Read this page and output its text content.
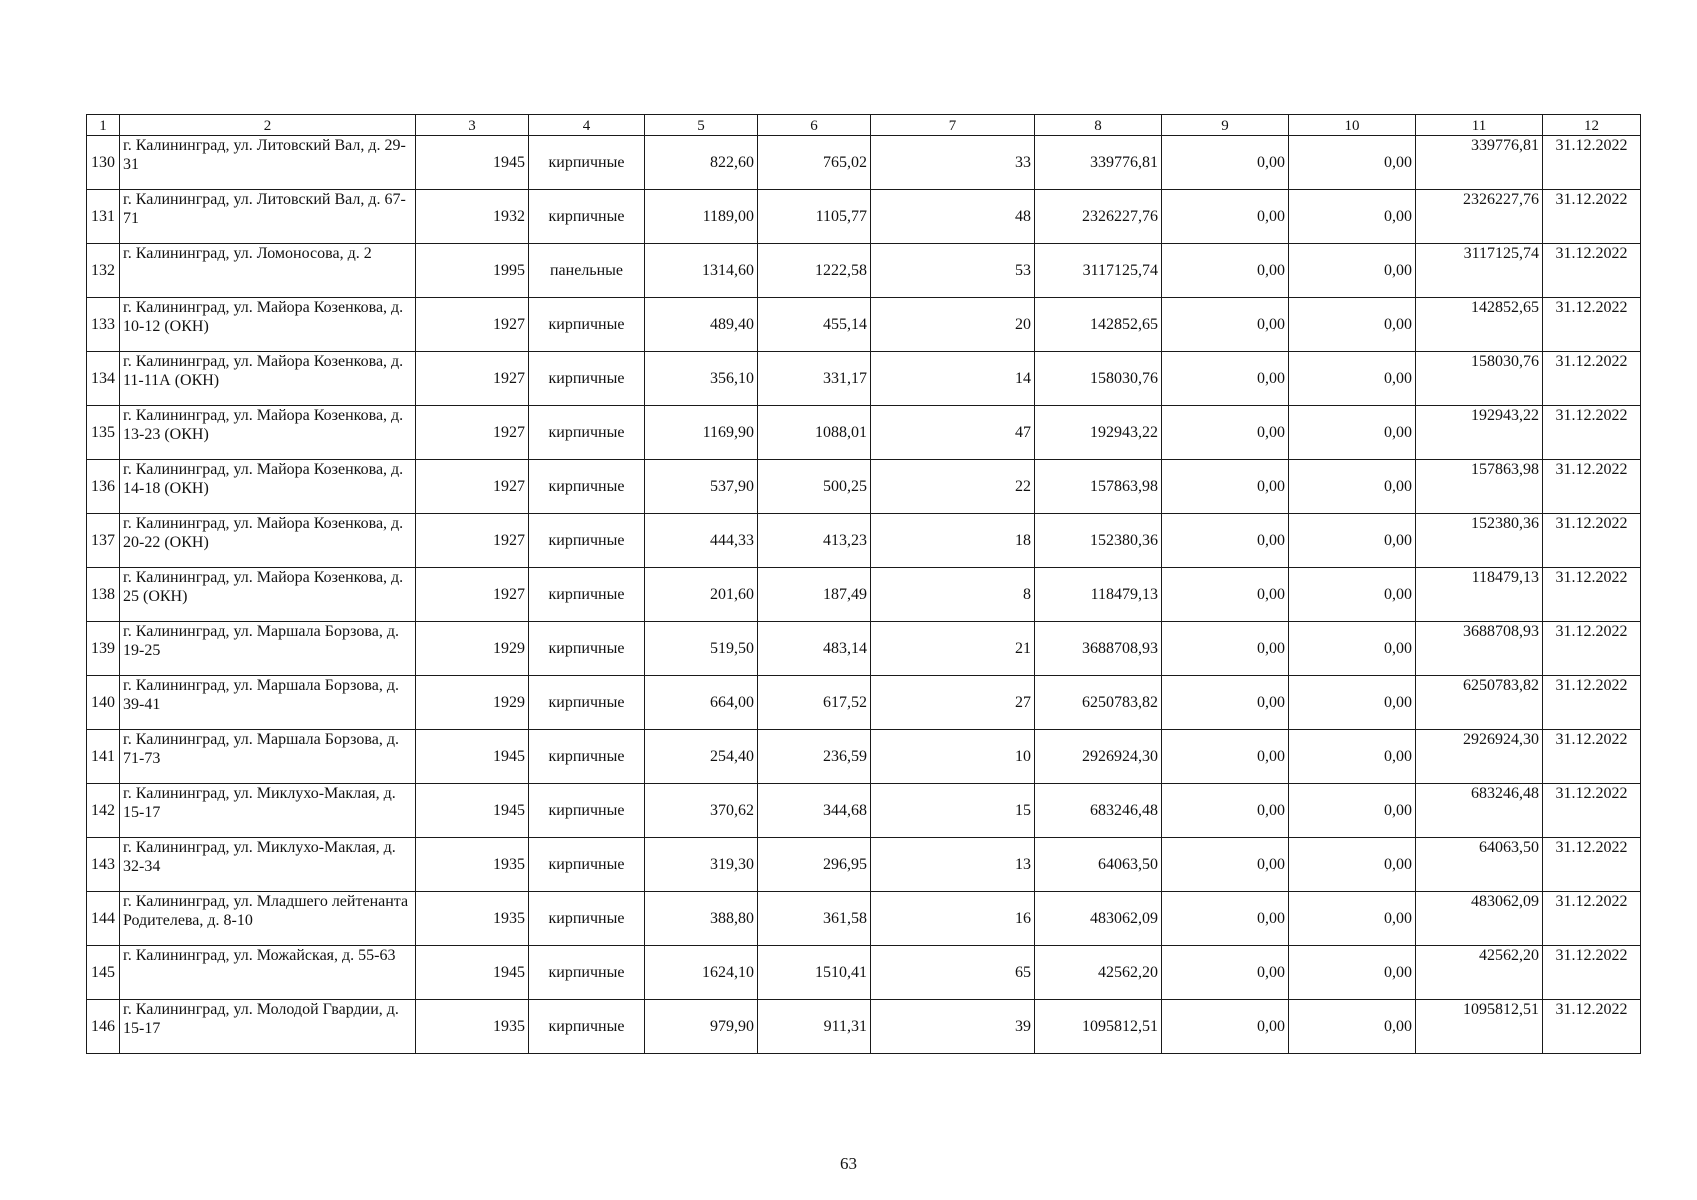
1	2	3	4	5	6	7	8	9	10	11	12
130	г. Калининград, ул. Литовский Вал, д. 29-31	1945	кирпичные	822,60	765,02	33	339776,81	0,00	0,00	339776,81	31.12.2022
131	г. Калининград, ул. Литовский Вал, д. 67-71	1932	кирпичные	1189,00	1105,77	48	2326227,76	0,00	0,00	2326227,76	31.12.2022
132	г. Калининград, ул. Ломоносова, д. 2	1995	панельные	1314,60	1222,58	53	3117125,74	0,00	0,00	3117125,74	31.12.2022
133	г. Калининград, ул. Майора Козенкова, д. 10-12 (ОКН)	1927	кирпичные	489,40	455,14	20	142852,65	0,00	0,00	142852,65	31.12.2022
134	г. Калининград, ул. Майора Козенкова, д. 11-11А (ОКН)	1927	кирпичные	356,10	331,17	14	158030,76	0,00	0,00	158030,76	31.12.2022
135	г. Калининград, ул. Майора Козенкова, д. 13-23 (ОКН)	1927	кирпичные	1169,90	1088,01	47	192943,22	0,00	0,00	192943,22	31.12.2022
136	г. Калининград, ул. Майора Козенкова, д. 14-18 (ОКН)	1927	кирпичные	537,90	500,25	22	157863,98	0,00	0,00	157863,98	31.12.2022
137	г. Калининград, ул. Майора Козенкова, д. 20-22 (ОКН)	1927	кирпичные	444,33	413,23	18	152380,36	0,00	0,00	152380,36	31.12.2022
138	г. Калининград, ул. Майора Козенкова, д. 25 (ОКН)	1927	кирпичные	201,60	187,49	8	118479,13	0,00	0,00	118479,13	31.12.2022
139	г. Калининград, ул. Маршала Борзова, д. 19-25	1929	кирпичные	519,50	483,14	21	3688708,93	0,00	0,00	3688708,93	31.12.2022
140	г. Калининград, ул. Маршала Борзова, д. 39-41	1929	кирпичные	664,00	617,52	27	6250783,82	0,00	0,00	6250783,82	31.12.2022
141	г. Калининград, ул. Маршала Борзова, д. 71-73	1945	кирпичные	254,40	236,59	10	2926924,30	0,00	0,00	2926924,30	31.12.2022
142	г. Калининград, ул. Миклухо-Маклая, д. 15-17	1945	кирпичные	370,62	344,68	15	683246,48	0,00	0,00	683246,48	31.12.2022
143	г. Калининград, ул. Миклухо-Маклая, д. 32-34	1935	кирпичные	319,30	296,95	13	64063,50	0,00	0,00	64063,50	31.12.2022
144	г. Калининград, ул. Младшего лейтенанта Родителева, д. 8-10	1935	кирпичные	388,80	361,58	16	483062,09	0,00	0,00	483062,09	31.12.2022
145	г. Калининград, ул. Можайская, д. 55-63	1945	кирпичные	1624,10	1510,41	65	42562,20	0,00	0,00	42562,20	31.12.2022
146	г. Калининград, ул. Молодой Гвардии, д. 15-17	1935	кирпичные	979,90	911,31	39	1095812,51	0,00	0,00	1095812,51	31.12.2022
63
